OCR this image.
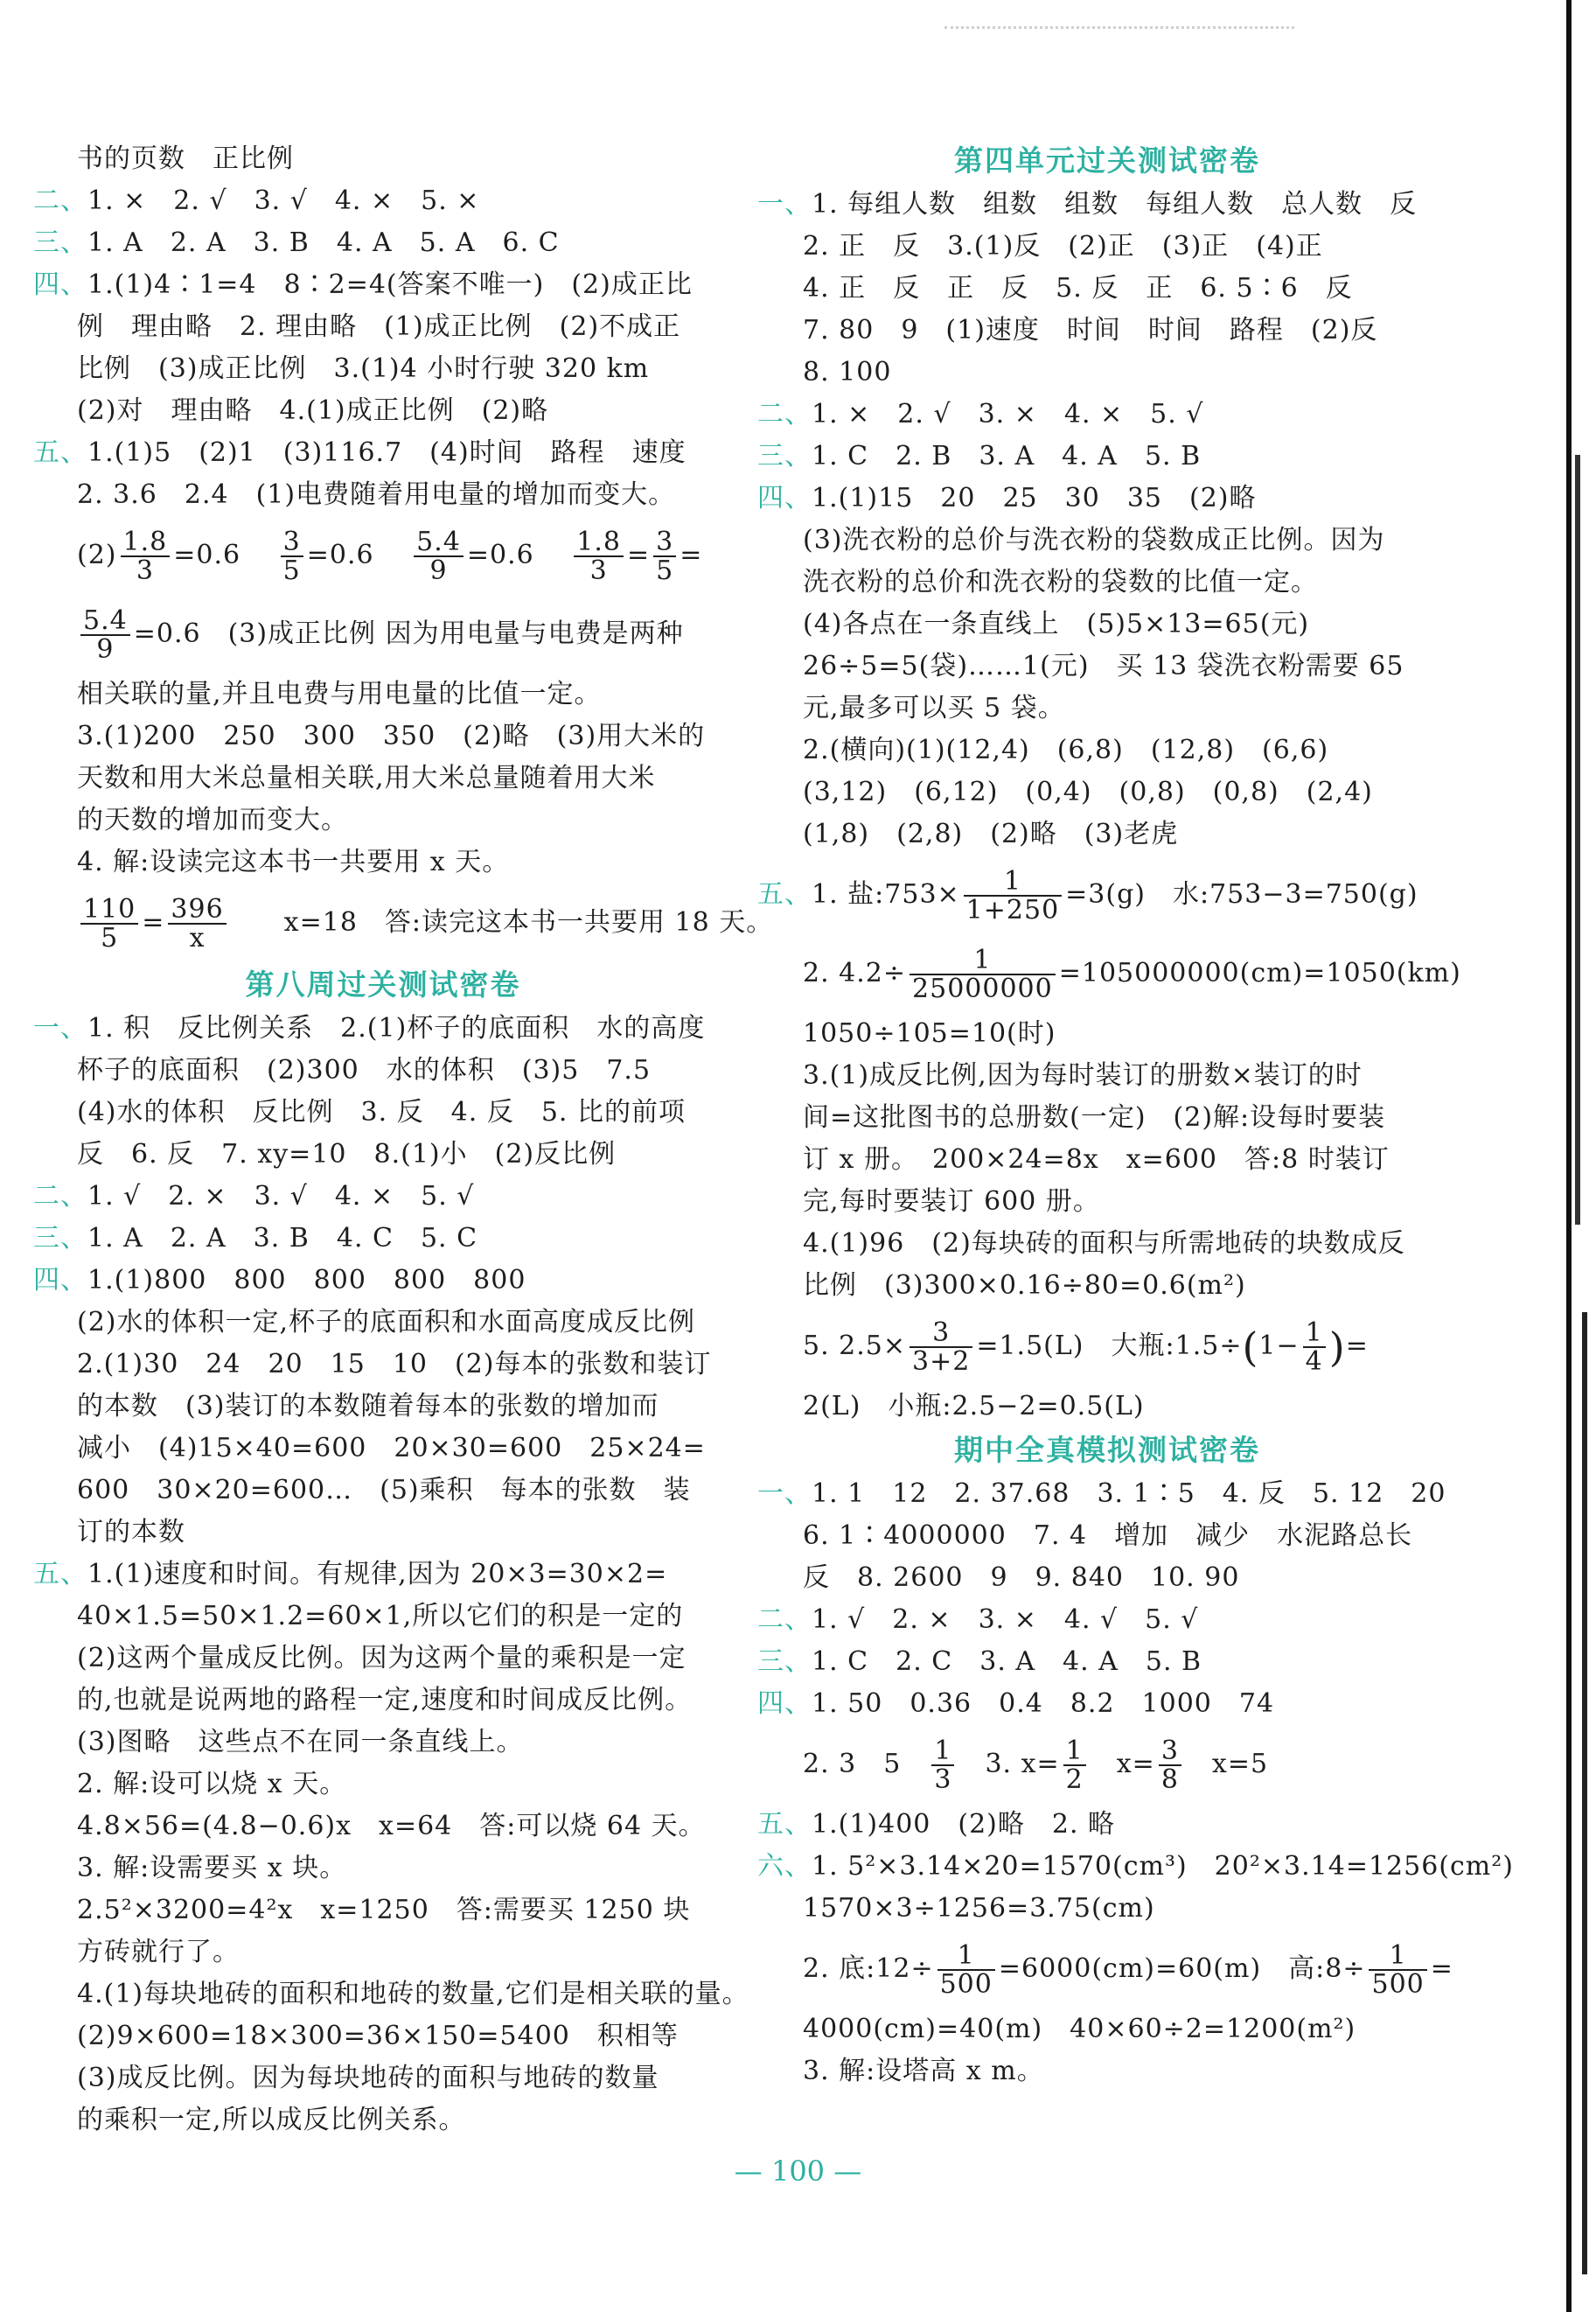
书的页数　正比例
二、1. ×　2. √　3. √　4. ×　5. ×
三、1. A　2. A　3. B　4. A　5. A　6. C
四、1.(1)4∶1=4　8∶2=4(答案不唯一)　(2)成正比
例　理由略　2. 理由略　(1)成正比例　(2)不成正
比例　(3)成正比例　3.(1)4 小时行驶 320 km
(2)对　理由略　4.(1)成正比例　(2)略
五、1.(1)5　(2)1　(3)116.7　(4)时间　路程　速度
2. 3.6　2.4　(1)电费随着用电量的增加而变大。
$(2) \frac{1.8}{3} =0.6$　 $\frac{3}{5} =0.6$　 $\frac{5.4}{9} =0.6$　 $\frac{1.8}{3} = \frac{3}{5}$ =
$\frac{5.4}{9} =0.6$　(3)成正比例 因为用电量与电费是两种
相关联的量,并且电费与用电量的比值一定。
3.(1)200　250　300　350　(2)略　(3)用大米的
天数和用大米总量相关联,用大米总量随着用大米
的天数的增加而变大。
4. 解:设读完这本书一共要用 x 天。
$\frac{110}{5} = \frac{396}{x}$
　　 x=18　答:读完这本书一共要用 18 天。
第八周过关测试密卷
一、1. 积　反比例关系　2.(1)杯子的底面积　水的高度
杯子的底面积　(2)300　水的体积　(3)5　7.5
(4)水的体积　反比例　3. 反　4. 反　5. 比的前项
反　6. 反　7. xy=10　8.(1)小　(2)反比例
二、1. √　2. ×　3. √　4. ×　5. √
三、1. A　2. A　3. B　4. C　5. C
四、1.(1)800　800　800　800　800
(2)水的体积一定,杯子的底面积和水面高度成反比例
2.(1)30　24　20　15　10　(2)每本的张数和装订
的本数　(3)装订的本数随着每本的张数的增加而
减小　(4)15×40=600　20×30=600　25×24=
600　30×20=600…　(5)乘积　每本的张数　装
订的本数
五、1.(1)速度和时间。有规律,因为 20×3=30×2=
40×1.5=50×1.2=60×1,所以它们的积是一定的
(2)这两个量成反比例。因为这两个量的乘积是一定
的,也就是说两地的路程一定,速度和时间成反比例。
(3)图略　这些点不在同一条直线上。
2. 解:设可以烧 x 天。
4.8×56=(4.8−0.6)x　x=64　答:可以烧 64 天。
3. 解:设需要买 x 块。
2.5²×3200=4²x　x=1250　答:需要买 1250 块
方砖就行了。
4.(1)每块地砖的面积和地砖的数量,它们是相关联的量。
(2)9×600=18×300=36×150=5400　积相等
(3)成反比例。因为每块地砖的面积与地砖的数量
的乘积一定,所以成反比例关系。
第四单元过关测试密卷
一、1. 每组人数　组数　组数　每组人数　总人数　反
2. 正　反　3.(1)反　(2)正　(3)正　(4)正
4. 正　反　正　反　5. 反　正　6. 5∶6　反
7. 80　9　(1)速度　时间　时间　路程　(2)反
8. 100
二、1. ×　2. √　3. ×　4. ×　5. √
三、1. C　2. B　3. A　4. A　5. B
四、1.(1)15　20　25　30　35　(2)略
(3)洗衣粉的总价与洗衣粉的袋数成正比例。因为
洗衣粉的总价和洗衣粉的袋数的比值一定。
(4)各点在一条直线上　(5)5×13=65(元)
26÷5=5(袋)……1(元)　买 13 袋洗衣粉需要 65
元,最多可以买 5 袋。
2.(横向)(1)(12,4)　(6,8)　(12,8)　(6,6)
(3,12)　(6,12)　(0,4)　(0,8)　(0,8)　(2,4)
(1,8)　(2,8)　(2)略　(3)老虎
五、1. 盐:753× $\frac{1}{1+250} =3(g)$　水:753−3=750(g)
2. $4.2\div \frac{1}{25000000} =105000000(cm)=1050(km)$
1050÷105=10(时)
3.(1)成反比例,因为每时装订的册数×装订的时
间=这批图书的总册数(一定)　(2)解:设每时要装
订 x 册。　200×24=8x　x=600　答:8 时装订
完,每时要装订 600 册。
4.(1)96　(2)每块砖的面积与所需地砖的块数成反
比例　(3)300×0.16÷80=0.6(m²)
5. $2.5\times \frac{3}{3+2} =1.5(L)$　大瓶:1.5÷(1− $\frac{1}{4}$ )=
2(L)　小瓶:2.5−2=0.5(L)
期中全真模拟测试密卷
一、1. 1　12　2. 37.68　3. 1∶5　4. 反　5. 12　20
6. 1∶4000000　7. 4　增加　减少　水泥路总长
反　8. 2600　9　9. 840　10. 90
二、1. √　2. ×　3. ×　4. √　5. √
三、1. C　2. C　3. A　4. A　5. B
四、1. 50　0.36　0.4　8.2　1000　74
2. 3　5　 $\frac{1}{3}$
　 3. $x= \frac{1}{2}$
　 $x= \frac{3}{8}$
　 x=5
五、1.(1)400　(2)略　2. 略
六、1. 5²×3.14×20=1570(cm³)　20²×3.14=1256(cm²)
1570×3÷1256=3.75(cm)
2. 底:12÷ $\frac{1}{500} =6000(cm)=60(m)$　高:8÷ $\frac{1}{500}$ =
4000(cm)=40(m)　40×60÷2=1200(m²)
3. 解:设塔高 x m。
— 100 —
